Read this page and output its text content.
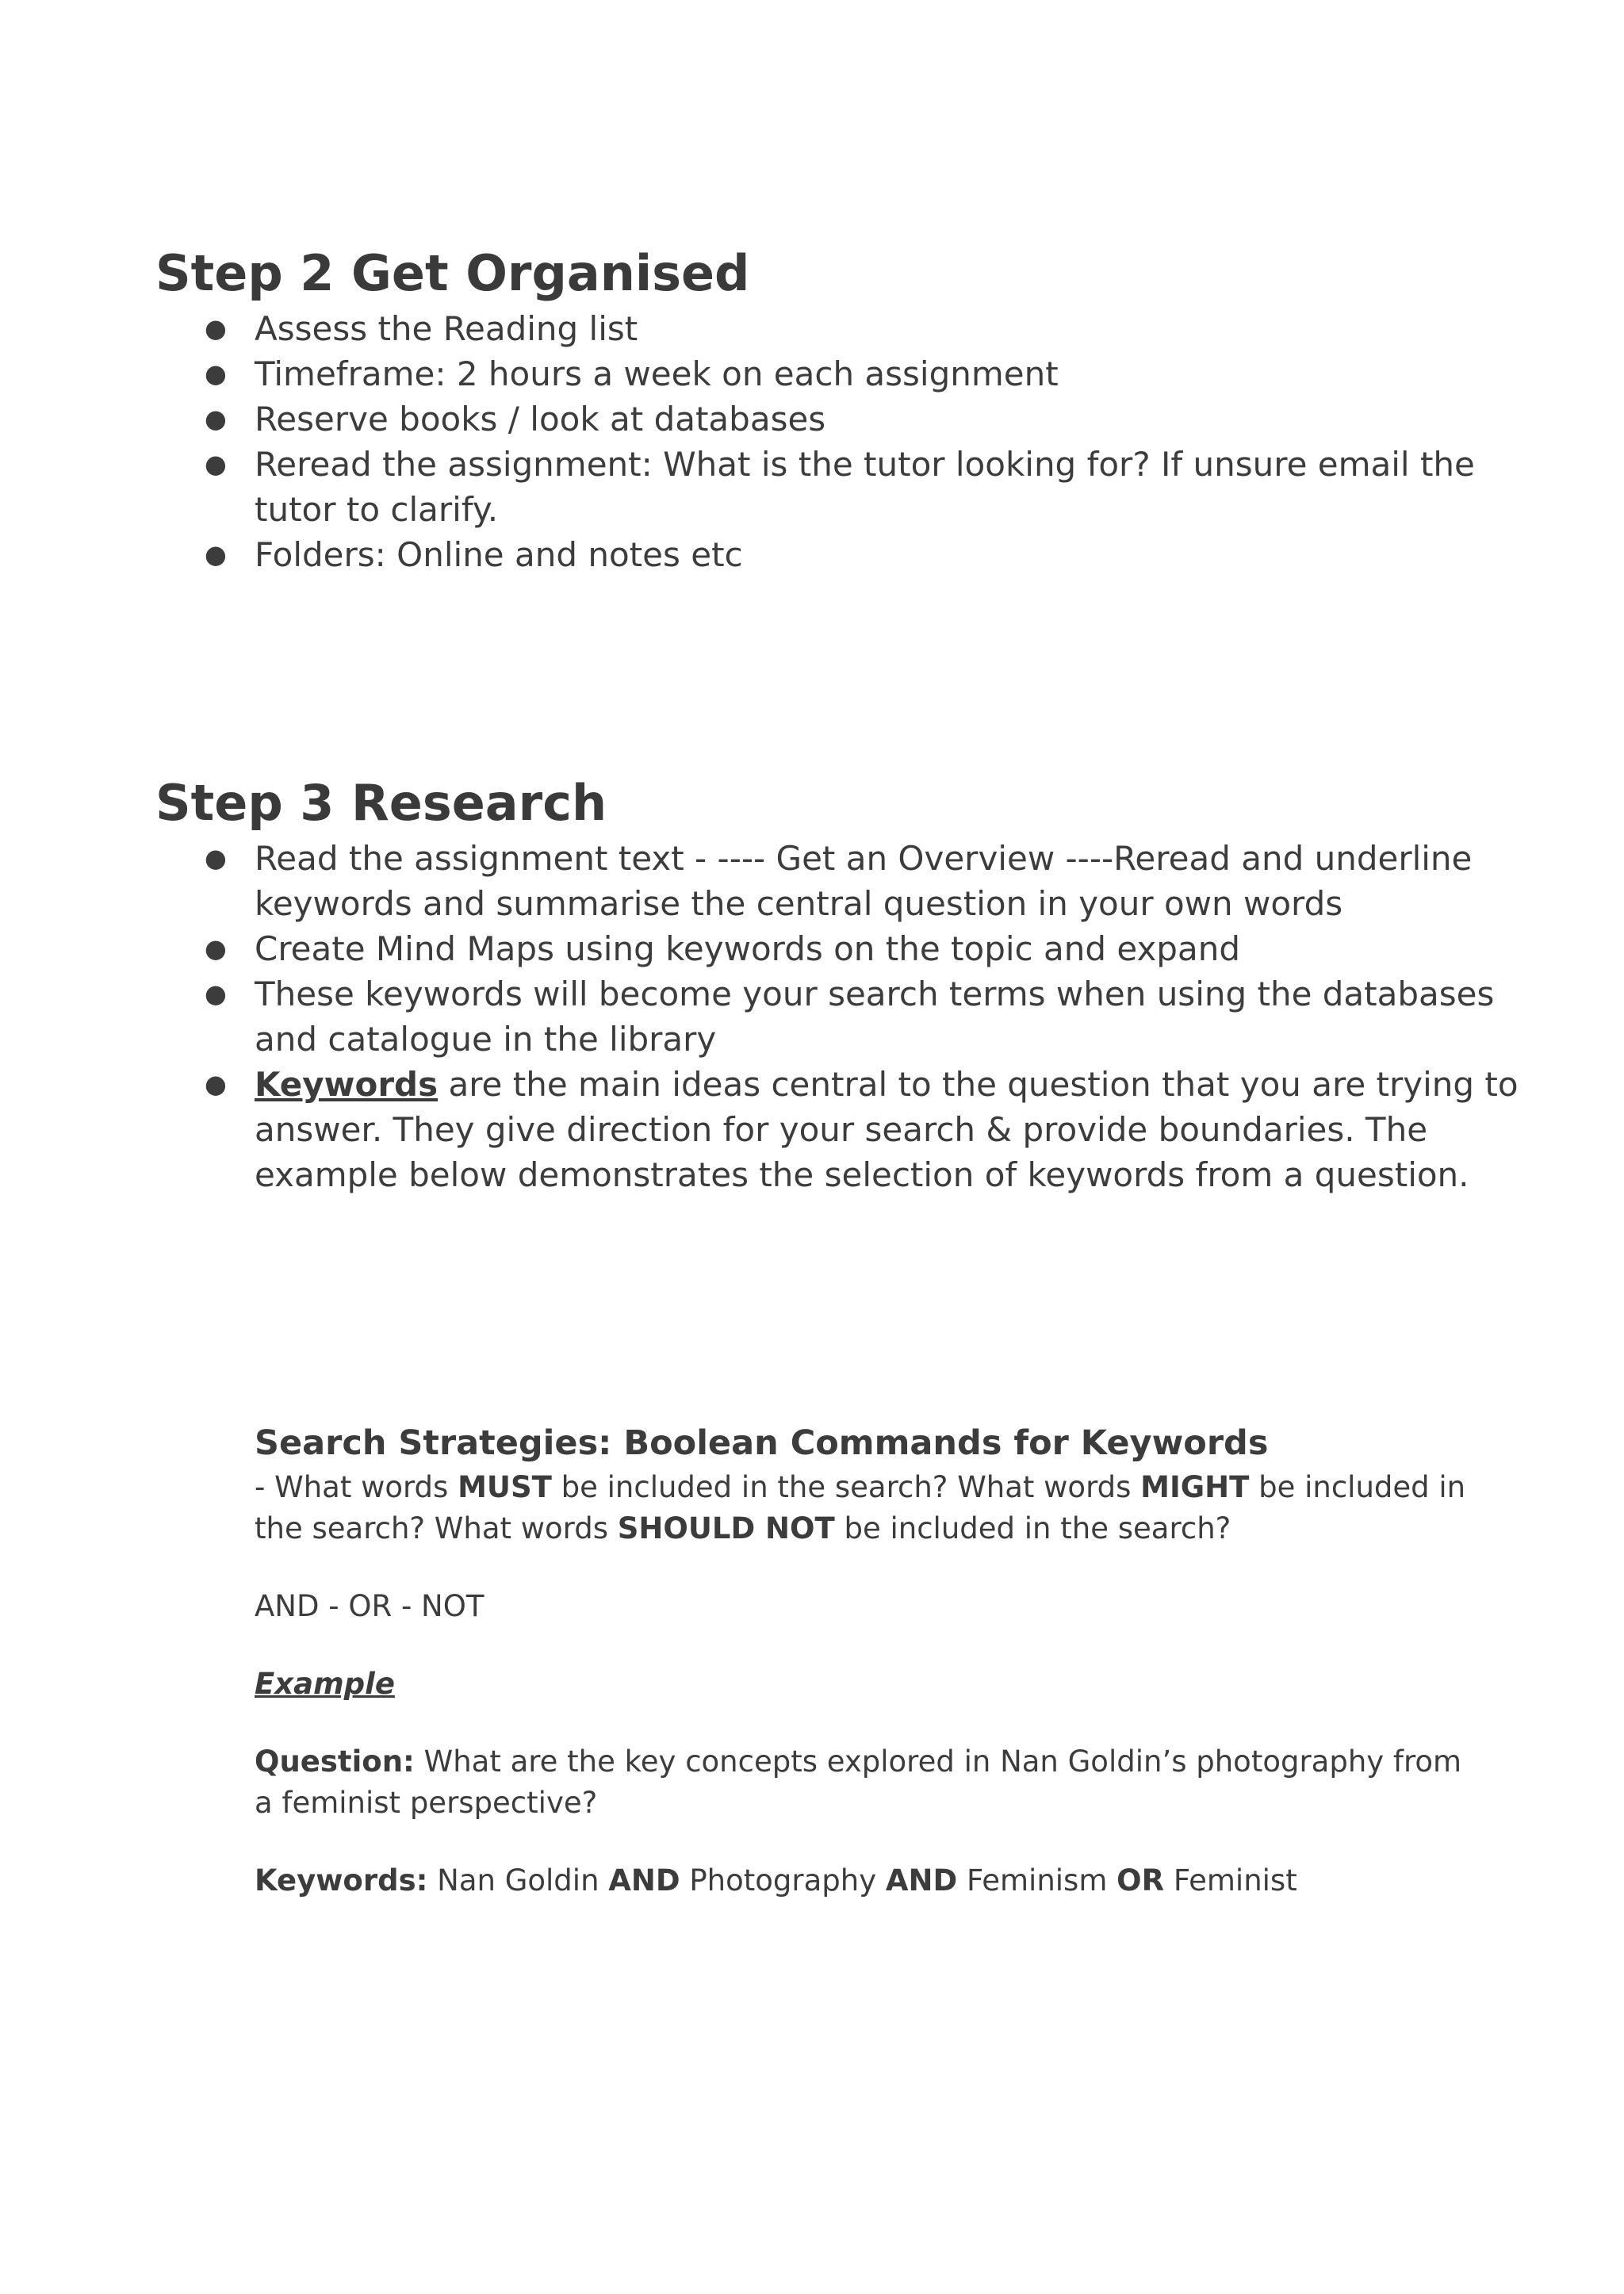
Step 2 Get Organised
● Assess the Reading list
● Timeframe: 2 hours a week on each assignment
● Reserve books / look at databases
● Reread the assignment: What is the tutor looking for? If unsure email the tutor to clarify.
● Folders: Online and notes etc
Step 3 Research
● Read the assignment text - ---- Get an Overview ----Reread and underline keywords and summarise the central question in your own words
● Create Mind Maps using keywords on the topic and expand
● These keywords will become your search terms when using the databases and catalogue in the library
● Keywords are the main ideas central to the question that you are trying to answer. They give direction for your search & provide boundaries. The example below demonstrates the selection of keywords from a question.
Search Strategies: Boolean Commands for Keywords

- What words MUST be included in the search? What words MIGHT be included in the search? What words SHOULD NOT be included in the search?

AND - OR - NOT

Example

Question: What are the key concepts explored in Nan Goldin’s photography from a feminist perspective?

Keywords: Nan Goldin AND Photography AND Feminism OR Feminist
